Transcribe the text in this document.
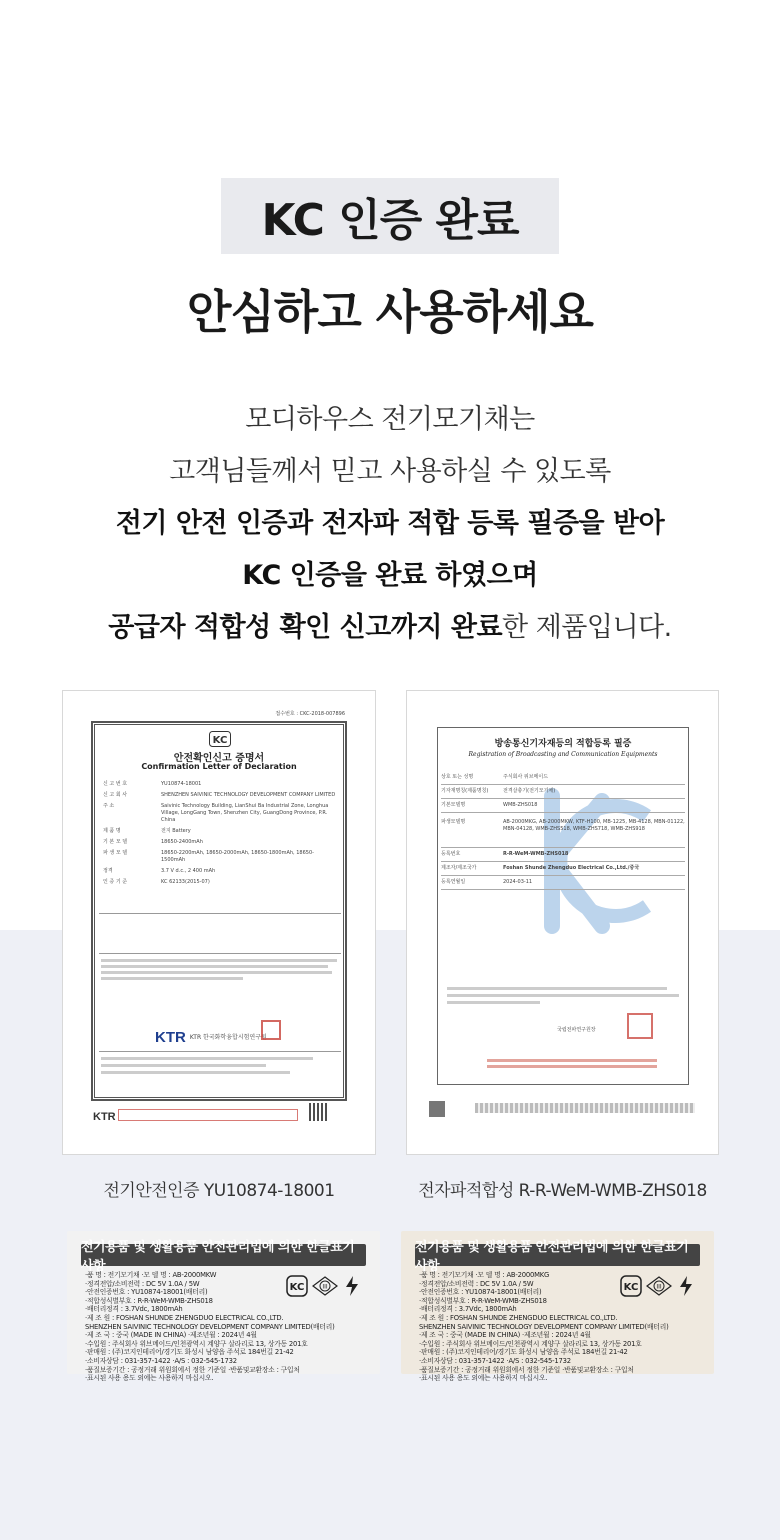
KC 인증 완료
안심하고 사용하세요

모디하우스 전기모기채는

고객님들께서 믿고 사용하실 수 있도록

전기 안전 인증과 전자파 적합 등록 필증을 받아

KC 인증을 완료 하였으며

공급자 적합성 확인 신고까지 완료한 제품입니다.

접수번호 : CKC-2018-007896
KC
안전확인신고 증명서
Confirmation Letter of Declaration
신 고 번 호	YU10874-18001
신 고 회 사	SHENZHEN SAIVINIC TECHNOLOGY DEVELOPMENT COMPANY LIMITED
주 소	Saivinic Technology Building, LianShui Ba Industrial Zone, Longhua Village, LongGang Town, Shenzhen City, GuangDong Province, P.R. China
제 품 명	전지 Battery
기 본 모 델	18650-2400mAh
파 생 모 델	18650-2200mAh, 18650-2000mAh, 18650-1800mAh, 18650-1500mAh
정격	3.7 V d.c., 2 400 mAh
인 증 기 준	KC 62133(2015-07)
KTR KTR 한국화학융합시험연구원
KTR
방송통신기자재등의 적합등록 필증
Registration of Broadcasting and Communication Equipments
상호 또는 성명	주식회사 위브메이드
기자재명칭(제품명칭)	전격살충기(전기모기채)
기본모델명	WMB-ZHS018
파생모델명	AB-2000MKG, AB-2000MKW, KTF-H100, MB-1225, MB-4128, MBN-01122, MBN-04128, WMB-ZHS518, WMB-ZHS718, WMB-ZHS918
등록번호	R-R-WeM-WMB-ZHS018
제조자/제조국가	Foshan Shunde Zhengduo Electrical Co.,Ltd./중국
등록연월일	2024-03-11
국립전파연구원장
전기안전인증 YU10874-18001	전자파적합성 R-R-WeM-WMB-ZHS018
전기용품 및 생활용품 안전관리법에 의한 한글표기사항
·품 명 : 전기모기채 ·모 델 명 : AB-2000MKW
·정격전압/소비전력 : DC 5V 1.0A / 5W
·안전인증번호 : YU10874-18001(배터리)
·적합성식별부호 : R-R-WeM-WMB-ZHS018
·배터리정격 : 3.7Vdc, 1800mAh
·제 조 원 : FOSHAN SHUNDE ZHENGDUO ELECTRICAL CO.,LTD.
SHENZHEN SAIVINIC TECHNOLOGY DEVELOPMENT COMPANY LIMITED(배터리)
·제 조 국 : 중국 (MADE IN CHINA) ·제조년월 : 2024년 4월
·수입원 : 주식회사 위브메이드/인천광역시 계양구 살라리로 13, 상가동 201호
·판매원 : (주)코지인테리어/경기도 화성시 남양읍 주석로 184번길 21-42
·소비자상담 : 031-357-1422 ·A/S : 032-545-1732
·품질보증기간 : 공정거래 위원회에서 정한 기준일 ·반품및교환장소 : 구입처
·표시된 사용 용도 외에는 사용하지 마십시오.
KC	III
전기용품 및 생활용품 안전관리법에 의한 한글표기사항
·품 명 : 전기모기채 ·모 델 명 : AB-2000MKG
·정격전압/소비전력 : DC 5V 1.0A / 5W
·안전인증번호 : YU10874-18001(배터리)
·적합성식별부호 : R-R-WeM-WMB-ZHS018
·배터리정격 : 3.7Vdc, 1800mAh
·제 조 원 : FOSHAN SHUNDE ZHENGDUO ELECTRICAL CO.,LTD.
SHENZHEN SAIVINIC TECHNOLOGY DEVELOPMENT COMPANY LIMITED(배터리)
·제 조 국 : 중국 (MADE IN CHINA) ·제조년월 : 2024년 4월
·수입원 : 주식회사 위브메이드/인천광역시 계양구 살라리로 13, 상가동 201호
·판매원 : (주)코지인테리어/경기도 화성시 남양읍 주석로 184번길 21-42
·소비자상담 : 031-357-1422 ·A/S : 032-545-1732
·품질보증기간 : 공정거래 위원회에서 정한 기준일 ·반품및교환장소 : 구입처
·표시된 사용 용도 외에는 사용하지 마십시오.
KC	III
